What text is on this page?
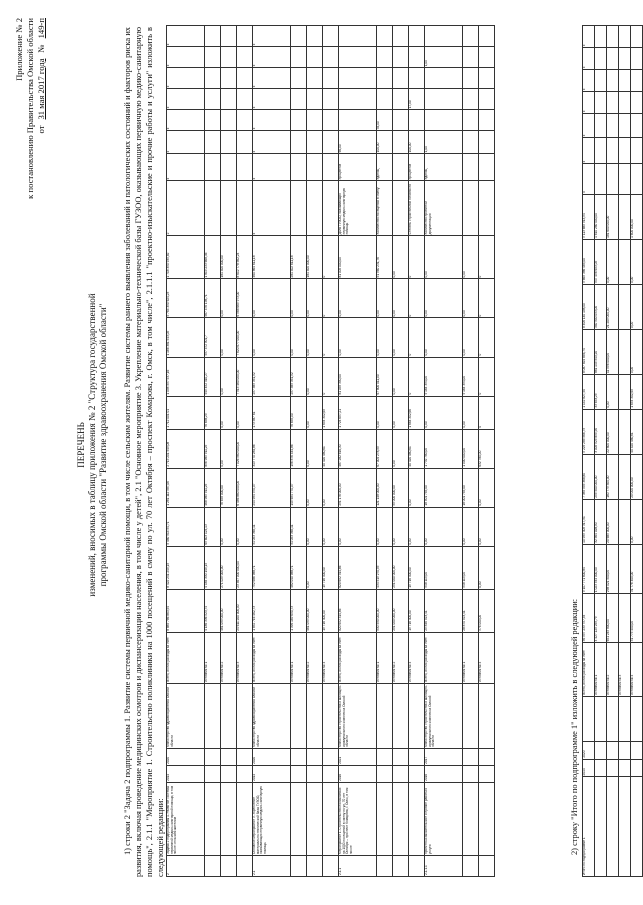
Приложение № 2 к постановлению Правительства Омской области от
31 мая 2017 года
№
149-п
ПЕРЕЧЕНЬ изменений, вносимых в таблицу приложения № 2 "Структура государственной программы Омской области "Развитие здравоохранения Омской области" 1) строки 2 "Задача 2 подпрограммы 1. Развитие системы первичной медико-санитарной помощи, в том числе сельским жителям. Развитие системы раннего выявления заболеваний и патологических состояний и факторов риска их развития, включая проведение медицинских осмотров и диспансеризации населения, в том числе у детей", 2.1 "Основное мероприятие 3. Укрепление материально-технической базы ГУЗОО, оказывающих первичную медико-санитарную помощь", 2.1.1 "Мероприятие 1. Строительство поликлиники на 1000 посещений в смену по ул. 70 лет Октября – проспект Комарова, г. Омск, в том числе", 2.1.1.1 "проектно-изыскательские и прочие работы и услуги" изложить в следующей редакции: 2	Задача 2 подпрограммы 1. Развитие системы первичной медико-санитарной помощи, в том числе сельским жителям	2014	2020	Министерство здравоохранения Омской области	Всего, из них расходы за счет:	8 889 786 863,94	8 422 241 249,15	5 480 914 54,71	1 281 112 587,06	2 715 201 549,08	1 712 001 01	1 098 997 937,16	1 166 381 543,05	5 764 390 624,23	1 718 390 935,82	2	х	х	х	х	х	х	х
					источник № 1	4 186 336 523,74	4 184 330 149,15	69 603 124,13	468 985 911,25	896 985 911,25	76 658,25	945 452 410,27	597 472 901,7	567 476 198,71	1 819 233 668,46								
					источник № 2	461 095 000,00	271 025 000,00	0,00	76 655 000,00	0,00	0,00	0,00	0,00	0,00	181 400 000,00								
					источник № 3	24 611 200 000,00	23 467 000 000,00	0,00	6 486 860 000,00	7 026 960 000,00	0,00	7 513 460 000,00	7 620 677 000,00	6 568 669 973,00	8 612 778 562,24								
2.1	Основное мероприятие 3. Укрепление материально-технической базы ГУЗОО, оказывающих первичную медико-санитарную помощь	2014	2020	Министерство здравоохранения Омской области	Всего, из них расходы за счет:	1 832 716 462,73	752 686 988,71	91 053 365,11	244 994 370,07	313 770 284,86	173 587 61	297 389 351,52	0,00	0,00	460 864 611,18	х	х	х	х	х	х	х	х
					источник № 1	1 396 169 650,73	482 040 988,71	91 053 365,11	145 694 770,07	196 876 444,86	76 655,00	297 389 351,52	0,00	0,00	281 402 611,18								
					источник № 2	461 095 000,00	0,00	0,00	0,00	0,00	0,00	0,00	0,00	0,00	181 400 000,00								
					источник № 4	19 716 400,00	19 716 400,00	0,00	0,00	40 420 480,61	1 654 302,65	0	0	0	0								
2.1.1	Мероприятие 1. Строительство поликлиники на 1000 посещений в смену по ул. 70 лет Октября – проспект Комарова, г. Омск, в том числе	2016	2021	Министерство строительства и жилищно-коммунального комплекса Омской области	Всего, из них расходы за счет:	820 652 314,66	820 652 314,66	0,00	291 176 000,00	487 282 616,30	1 724 657,21	81 059 350,00	0,00	0,00	81 005 000,00	Доля ГУЗОО, оказывающих первичную медико-санитарную помощь	процентов	66,00					
					источник № 1	530 590 000,00	434 519 270,55	0,00	121 148 000,00	67 004 278,55	0,00	67 800 011,00	0,00	0,00	91 560 231,76	Количество посещений в смену	единиц	100,00	34,00				
					источник № 2	251 000 000,00	251 000 000,00	0,00	95 000 000,00	0,00	0,00	0,00	0,00	0,00	0,00								
					источник № 4	19 716 400,00	19 716 400,00	0,00	0,00	40 420 480,61	1 664 302,66	0	0	0	0	Степень строительной готовности	процентов	100,00		17,00			
2.1.1.1	проектно-изыскательские и прочие работы и услуги	2016	2017	Министерство строительства и жилищно-коммунального комплекса Омской области	Всего, из них расходы за счет:	29 846 923,41	948 113,00	0,00	18 501 749,00	1 732 780,00	0,00	9 164 394,00	0,00	0,00	0,00	Количество проектной документации	единиц	1,00				1,00	
					источник № 1	28 870 923,41	948 113,00	0,00	18 001 749,00	1 000 000,00	0,00	9 164 394,00	0,00	0,00	0,00								
					источник № 4	976 000,00	0,00	0,00	0,00	632 780,00	0	0	0	0	0								
2) строку "Итого по подпрограмме 1" изложить в следующей редакции:
Итого по подпрограмме 1	2014	2020		Всего, из них расходы за счет:	36 997 233 797,54	9 107 771 600,84	10 999 405 317,91	7 385 555 368,80	5 229 285 966,79	1 142 827,90	8 087 824 846,74	8 406 140 198,00	9 665 386 485,00	9 113 685 913,54	х	х	х	х	х	х	х
				источник № 1	4 427 125 259,79	1 023 544 000,00	32 564 028,50	255 500 000,00	3 009 525 895,90	33 653,25	881 145 943,20	340 900 093,00	547 496 653,05	1 610 280 000,00							
				источник № 2	651 245 800,00	298 021 500,00	20 685 000,00	160 779 300,00	22 800 000,00	0,00	11 596 000,00	21 209 000,00	0,00	181 600 000,00							
				источник № 3																	
				источник № 4	31 775 400,00	31 776 400,00	0,00	20 000 000,00	40 420 480,61	1 654 302,65	0,00	0,00	0,00	1 600 000,00							
